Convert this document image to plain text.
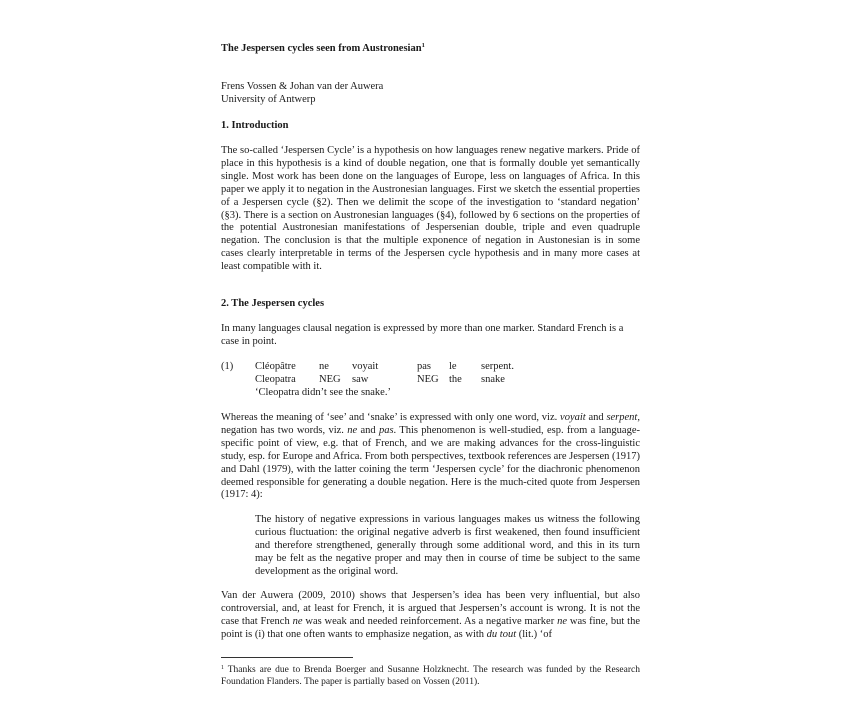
The Jespersen cycles seen from Austronesian$^1$

Frens Vossen & Johan van der Auwera
University of Antwerp

1. Introduction

The so-called ‘Jespersen Cycle’ is a hypothesis on how languages renew negative markers. Pride of place in this hypothesis is a kind of double negation, one that is formally double yet semantically single. Most work has been done on the languages of Europe, less on languages of Africa. In this paper we apply it to negation in the Austronesian languages. First we sketch the essential properties of a Jespersen cycle (§2). Then we delimit the scope of the investigation to ‘standard negation’ (§3). There is a section on Austronesian languages (§4), followed by 6 sections on the properties of the potential Austronesian manifestations of Jespersenian double, triple and even quadruple negation. The conclusion is that the multiple exponence of negation in Austonesian is in some cases clearly interpretable in terms of the Jespersen cycle hypothesis and in many more cases at least compatible with it.

2. The Jespersen cycles

In many languages clausal negation is expressed by more than one marker. Standard French is a case in point.

(1) Cléopâtre ne voyait	pas le serpent.
Cleopatra NEG saw	NEG the snake
‘Cleopatra didn’t see the snake.’

Whereas the meaning of ‘see’ and ‘snake’ is expressed with only one word, viz. voyait and serpent, negation has two words, viz. ne and pas. This phenomenon is well-studied, esp. from a language-specific point of view, e.g. that of French, and we are making advances for the cross-linguistic study, esp. for Europe and Africa. From both perspectives, textbook references are Jespersen (1917) and Dahl (1979), with the latter coining the term ‘Jespersen cycle’ for the diachronic phenomenon deemed responsible for generating a double negation. Here is the much-cited quote from Jespersen (1917: 4):

The history of negative expressions in various languages makes us witness the following curious fluctuation: the original negative adverb is first weakened, then found insufficient and therefore strengthened, generally through some additional word, and this in its turn may be felt as the negative proper and may then in course of time be subject to the same development as the original word.

Van der Auwera (2009, 2010) shows that Jespersen’s idea has been very influential, but also controversial, and, at least for French, it is argued that Jespersen’s account is wrong. It is not the case that French ne was weak and needed reinforcement. As a negative marker ne was fine, but the point is (i) that one often wants to emphasize negation, as with du tout (lit.) ‘of

$^1$ Thanks are due to Brenda Boerger and Susanne Holzknecht. The research was funded by the Research Foundation Flanders. The paper is partially based on Vossen (2011).
